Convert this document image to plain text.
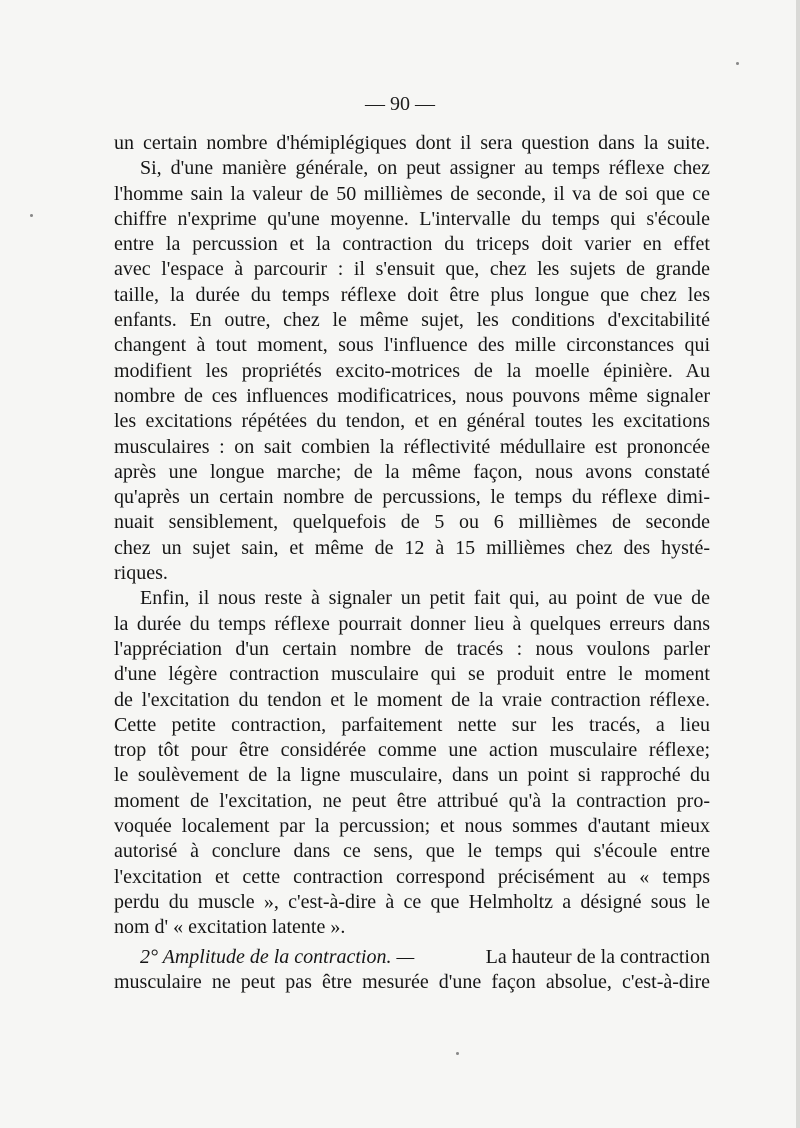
— 90 —
un certain nombre d'hémiplégiques dont il sera question dans la suite.
Si, d'une manière générale, on peut assigner au temps réflexe chez
l'homme sain la valeur de 50 millièmes de seconde, il va de soi que ce
chiffre n'exprime qu'une moyenne. L'intervalle du temps qui s'écoule
entre la percussion et la contraction du triceps doit varier en effet
avec l'espace à parcourir : il s'ensuit que, chez les sujets de grande
taille, la durée du temps réflexe doit être plus longue que chez les
enfants. En outre, chez le même sujet, les conditions d'excitabilité
changent à tout moment, sous l'influence des mille circonstances qui
modifient les propriétés excito-motrices de la moelle épinière. Au
nombre de ces influences modificatrices, nous pouvons même signaler
les excitations répétées du tendon, et en général toutes les excitations
musculaires : on sait combien la réflectivité médullaire est prononcée
après une longue marche; de la même façon, nous avons constaté
qu'après un certain nombre de percussions, le temps du réflexe dimi-
nuait sensiblement, quelquefois de 5 ou 6 millièmes de seconde
chez un sujet sain, et même de 12 à 15 millièmes chez des hysté-
riques.
Enfin, il nous reste à signaler un petit fait qui, au point de vue de
la durée du temps réflexe pourrait donner lieu à quelques erreurs dans
l'appréciation d'un certain nombre de tracés : nous voulons parler
d'une légère contraction musculaire qui se produit entre le moment
de l'excitation du tendon et le moment de la vraie contraction réflexe.
Cette petite contraction, parfaitement nette sur les tracés, a lieu
trop tôt pour être considérée comme une action musculaire réflexe;
le soulèvement de la ligne musculaire, dans un point si rapproché du
moment de l'excitation, ne peut être attribué qu'à la contraction pro-
voquée localement par la percussion; et nous sommes d'autant mieux
autorisé à conclure dans ce sens, que le temps qui s'écoule entre
l'excitation et cette contraction correspond précisément au « temps
perdu du muscle », c'est-à-dire à ce que Helmholtz a désigné sous le
nom d' « excitation latente ».
2° Amplitude de la contraction. —	La hauteur de la contraction
musculaire ne peut pas être mesurée d'une façon absolue, c'est-à-dire
